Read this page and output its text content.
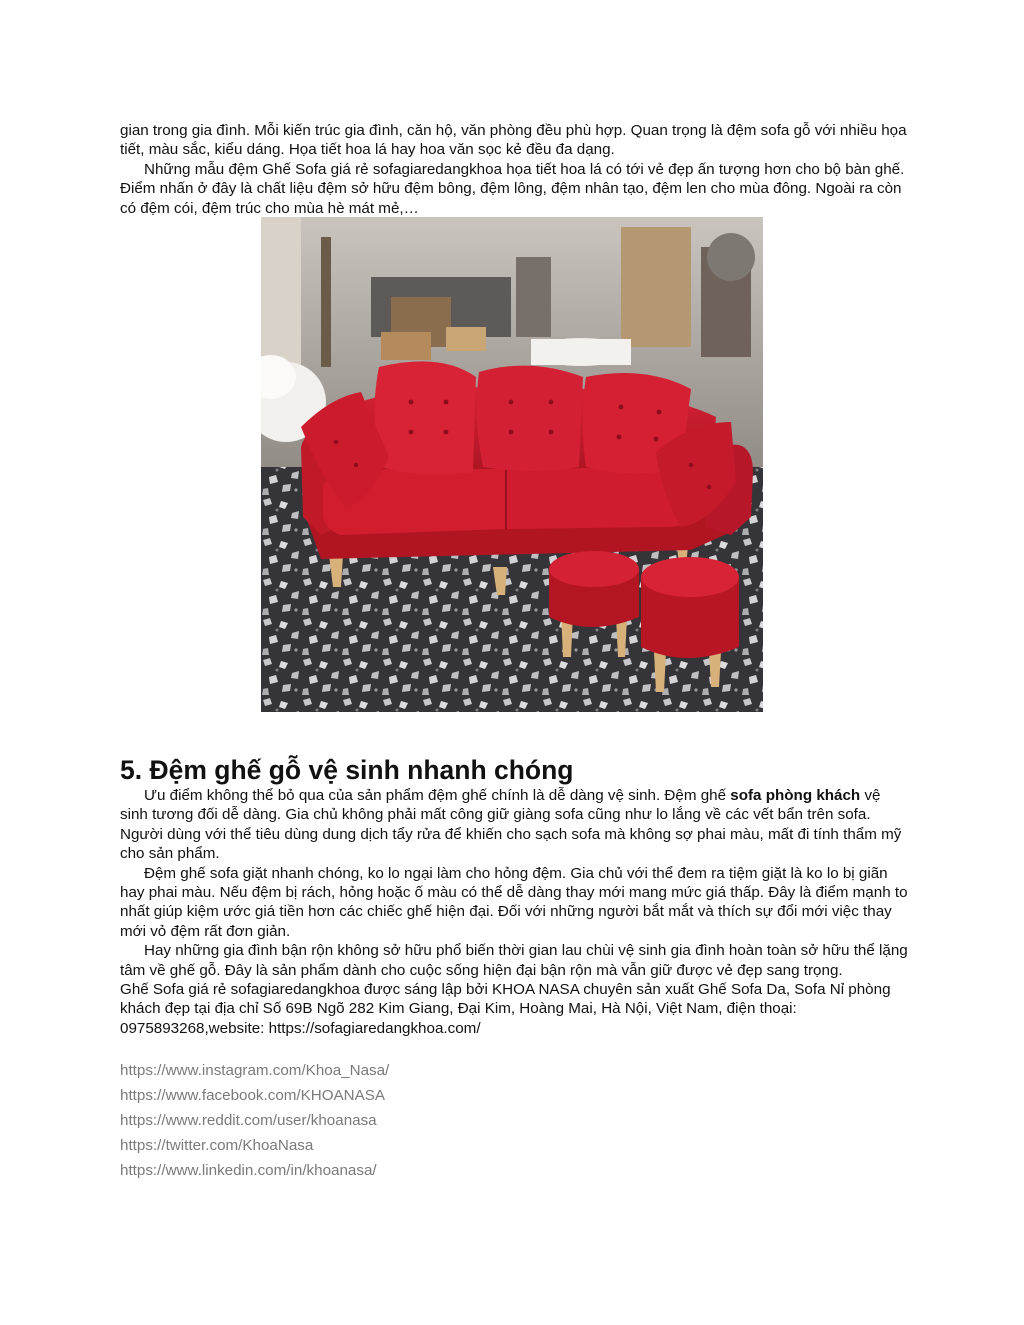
gian trong gia đình. Mỗi kiến trúc gia đình, căn hộ, văn phòng đều phù hợp. Quan trọng là đệm sofa gỗ với nhiều họa tiết, màu sắc, kiểu dáng. Họa tiết hoa lá hay hoa văn sọc kẻ đều đa dạng.

Những mẫu đệm Ghế Sofa giá rẻ sofagiaredangkhoa họa tiết hoa lá có tới vẻ đẹp ấn tượng hơn cho bộ bàn ghế. Điểm nhấn ở đây là chất liệu đệm sở hữu đệm bông, đệm lông, đệm nhân tạo, đệm len cho mùa đông. Ngoài ra còn có đệm cói, đệm trúc cho mùa hè mát mẻ,…

5. Đệm ghế gỗ vệ sinh nhanh chóng

Ưu điểm không thể bỏ qua của sản phẩm đệm ghế chính là dễ dàng vệ sinh. Đệm ghế sofa phòng khách vệ sinh tương đối dễ dàng. Gia chủ không phải mất công giữ giàng sofa cũng như lo lắng về các vết bẩn trên sofa. Người dùng với thể tiêu dùng dung dịch tẩy rửa để khiến cho sạch sofa mà không sợ phai màu, mất đi tính thẩm mỹ cho sản phẩm.

Đệm ghế sofa giặt nhanh chóng, ko lo ngại làm cho hỏng đệm. Gia chủ với thể đem ra tiệm giặt là ko lo bị giãn hay phai màu. Nếu đệm bị rách, hỏng hoặc ố màu có thể dễ dàng thay mới mang mức giá thấp. Đây là điểm mạnh to nhất giúp kiệm ước giá tiền hơn các chiếc ghế hiện đại. Đối với những người bắt mắt và thích sự đổi mới việc thay mới vỏ đệm rất đơn giản.

Hay những gia đình bận rộn không sở hữu phổ biến thời gian lau chùi vệ sinh gia đình hoàn toàn sở hữu thể lặng tâm về ghế gỗ. Đây là sản phẩm dành cho cuộc sống hiện đại bận rộn mà vẫn giữ được vẻ đẹp sang trọng.

Ghế Sofa giá rẻ sofagiaredangkhoa được sáng lập bởi KHOA NASA chuyên sản xuất Ghế Sofa Da, Sofa Nỉ phòng khách đẹp tại địa chỉ Số 69B Ngõ 282 Kim Giang, Đại Kim, Hoàng Mai, Hà Nội, Việt Nam, điện thoại: 0975893268,website: https://sofagiaredangkhoa.com/

https://www.instagram.com/Khoa_Nasa/
https://www.facebook.com/KHOANASA
https://www.reddit.com/user/khoanasa
https://twitter.com/KhoaNasa
https://www.linkedin.com/in/khoanasa/
